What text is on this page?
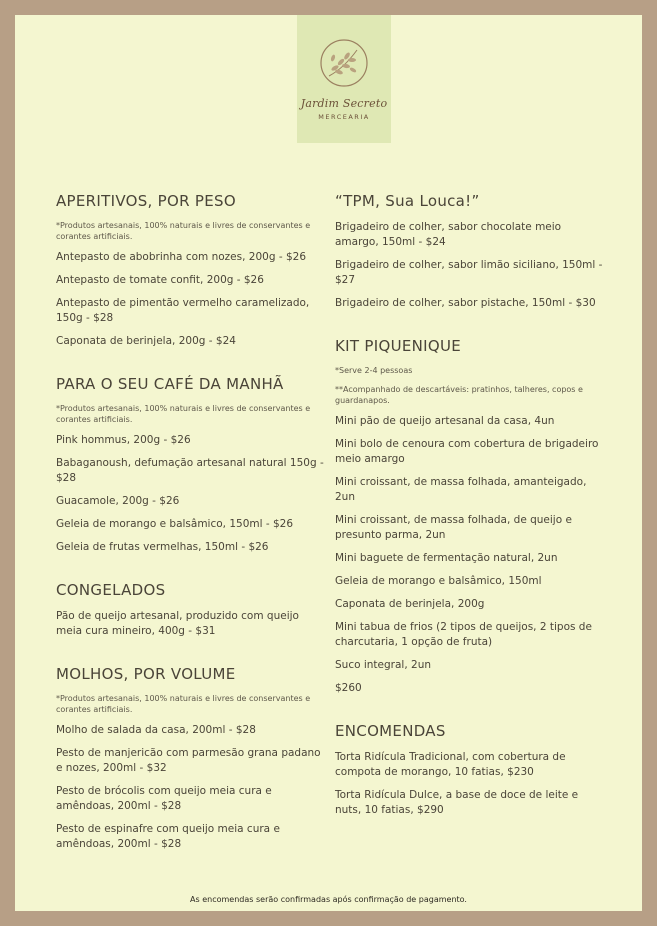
Jardim Secreto
MERCEARIA
APERITIVOS, POR PESO
*Produtos artesanais, 100% naturais e livres de conservantes e corantes artificiais.
Antepasto de abobrinha com nozes, 200g - $26
Antepasto de tomate confit, 200g - $26
Antepasto de pimentão vermelho caramelizado, 150g - $28
Caponata de berinjela, 200g - $24
PARA O SEU CAFÉ DA MANHÃ
*Produtos artesanais, 100% naturais e livres de conservantes e corantes artificiais.
Pink hommus, 200g - $26
Babaganoush, defumação artesanal natural 150g - $28
Guacamole, 200g - $26
Geleia de morango e balsâmico, 150ml - $26
Geleia de frutas vermelhas, 150ml - $26
CONGELADOS
Pão de queijo artesanal, produzido com queijo meia cura mineiro, 400g - $31
MOLHOS, POR VOLUME
*Produtos artesanais, 100% naturais e livres de conservantes e corantes artificiais.
Molho de salada da casa, 200ml - $28
Pesto de manjericão com parmesão grana padano e nozes, 200ml - $32
Pesto de brócolis com queijo meia cura e amêndoas, 200ml - $28
Pesto de espinafre com queijo meia cura e amêndoas, 200ml - $28
“TPM, Sua Louca!”
Brigadeiro de colher, sabor chocolate meio amargo, 150ml - $24
Brigadeiro de colher, sabor limão siciliano, 150ml - $27
Brigadeiro de colher, sabor pistache, 150ml - $30
KIT PIQUENIQUE
*Serve 2-4 pessoas
**Acompanhado de descartáveis: pratinhos, talheres, copos e guardanapos.
Mini pão de queijo artesanal da casa, 4un
Mini bolo de cenoura com cobertura de brigadeiro meio amargo
Mini croissant, de massa folhada, amanteigado, 2un
Mini croissant, de massa folhada, de queijo e presunto parma, 2un
Mini baguete de fermentação natural, 2un
Geleia de morango e balsâmico, 150ml
Caponata de berinjela, 200g
Mini tabua de frios (2 tipos de queijos, 2 tipos de charcutaria, 1 opção de fruta)
Suco integral, 2un
$260
ENCOMENDAS
Torta Ridícula Tradicional, com cobertura de compota de morango, 10 fatias, $230
Torta Ridícula Dulce, a base de doce de leite e nuts, 10 fatias, $290
As encomendas serão confirmadas após confirmação de pagamento.
